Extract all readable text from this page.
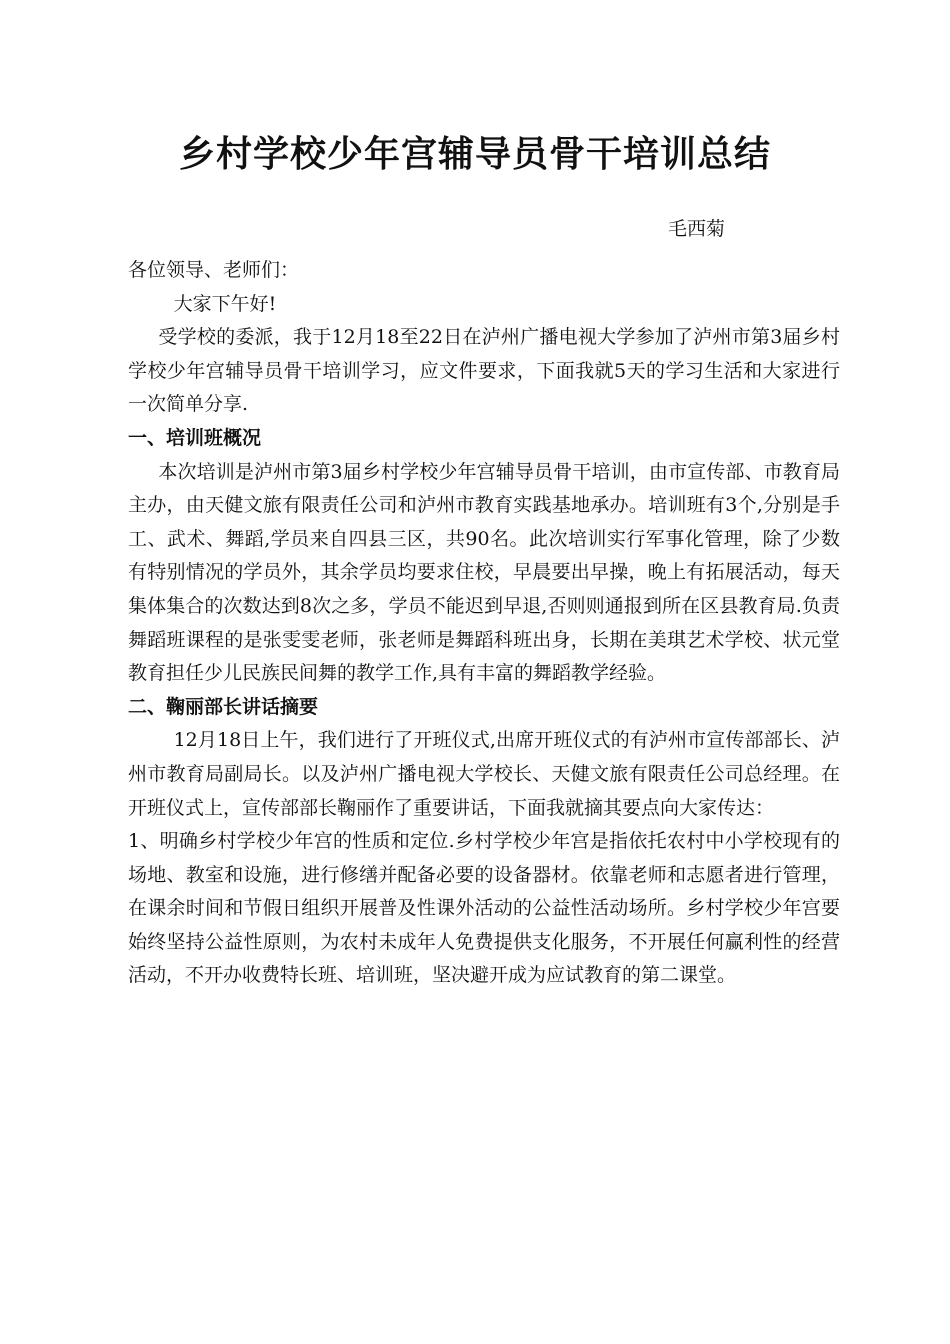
乡村学校少年宫辅导员骨干培训总结

毛西菊

各位领导、老师们：

大家下午好!

受学校的委派，我于12月18至22日在泸州广播电视大学参加了泸州市第3届乡村学校少年宫辅导员骨干培训学习，应文件要求，下面我就5天的学习生活和大家进行一次简单分享.

一、培训班概况

本次培训是泸州市第3届乡村学校少年宫辅导员骨干培训，由市宣传部、市教育局主办，由天健文旅有限责任公司和泸州市教育实践基地承办。培训班有3个,分别是手工、武术、舞蹈,学员来自四县三区，共90名。此次培训实行军事化管理，除了少数有特别情况的学员外，其余学员均要求住校，早晨要出早操，晚上有拓展活动，每天集体集合的次数达到8次之多，学员不能迟到早退,否则则通报到所在区县教育局.负责舞蹈班课程的是张雯雯老师，张老师是舞蹈科班出身，长期在美琪艺术学校、状元堂教育担任少儿民族民间舞的教学工作,具有丰富的舞蹈教学经验。

二、鞠丽部长讲话摘要

12月18日上午，我们进行了开班仪式,出席开班仪式的有泸州市宣传部部长、泸州市教育局副局长。以及泸州广播电视大学校长、天健文旅有限责任公司总经理。在开班仪式上，宣传部部长鞠丽作了重要讲话，下面我就摘其要点向大家传达：

1、明确乡村学校少年宫的性质和定位.乡村学校少年宫是指依托农村中小学校现有的场地、教室和设施，进行修缮并配备必要的设备器材。依靠老师和志愿者进行管理，在课余时间和节假日组织开展普及性课外活动的公益性活动场所。乡村学校少年宫要始终坚持公益性原则，为农村未成年人免费提供支化服务，不开展任何赢利性的经营活动，不开办收费特长班、培训班，坚决避开成为应试教育的第二课堂。
